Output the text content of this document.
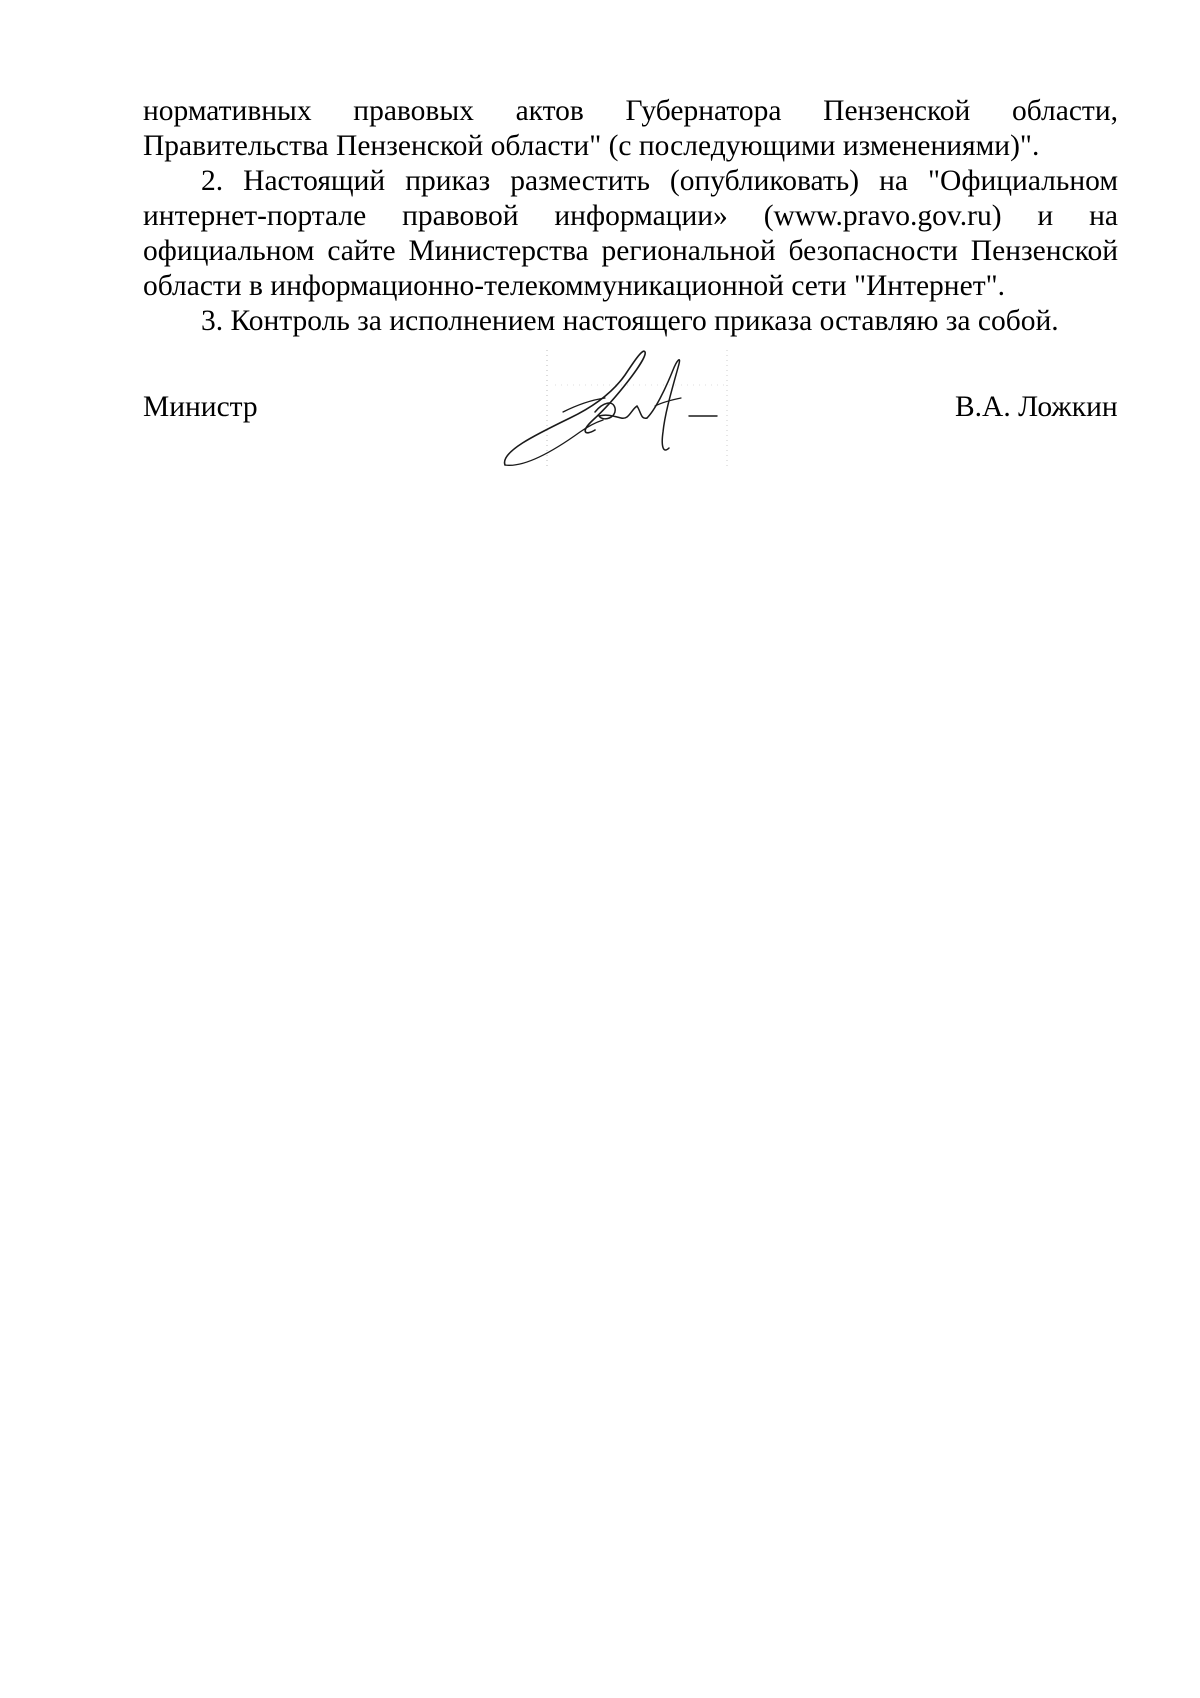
нормативных правовых актов Губернатора Пензенской области,
Правительства Пензенской области" (с последующими изменениями)".
2. Настоящий приказ разместить (опубликовать) на "Официальном
интернет-портале правовой информации» (www.pravo.gov.ru) и на
официальном сайте Министерства региональной безопасности Пензенской
области в информационно-телекоммуникационной сети "Интернет".
3. Контроль за исполнением настоящего приказа оставляю за собой.
Министр	В.А. Ложкин
